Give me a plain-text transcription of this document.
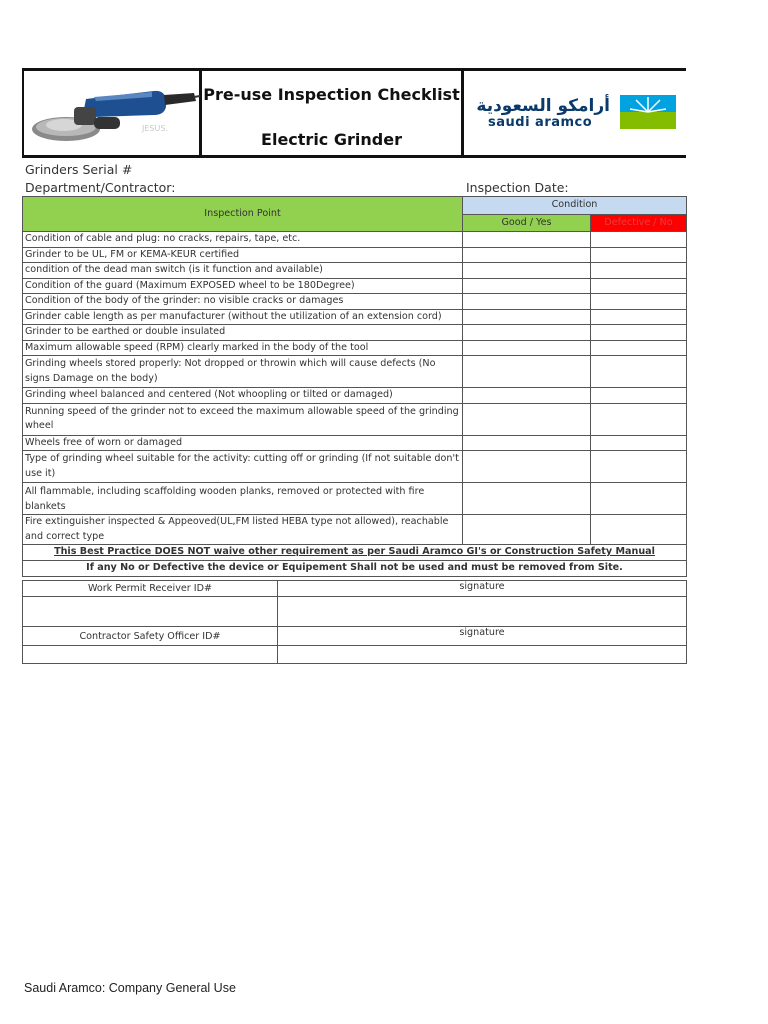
JESUS.
Pre-use Inspection Checklist
Electric Grinder
أرامكو السعودية
saudi aramco
Grinders Serial #
Department/Contractor:	Inspection Date:
Inspection Point	Condition	
	Good / Yes	Defective / No
Condition of cable and plug: no cracks, repairs, tape, etc.		
Grinder to be UL, FM or KEMA-KEUR certified		
condition of the dead man switch (is it function and available)		
Condition of the guard (Maximum EXPOSED wheel to be 180Degree)		
Condition of the body of the grinder: no visible cracks or damages		
Grinder cable length as per manufacturer (without the utilization of an extension cord)		
Grinder to be earthed or double insulated		
Maximum allowable speed (RPM) clearly marked in the body of the tool		
Grinding wheels stored properly: Not dropped or throwin which will cause defects (No signs Damage on the body)		
Grinding wheel balanced and centered (Not whoopling or tilted or damaged)		
Running speed of the grinder not to exceed the maximum allowable speed of the grinding wheel		
Wheels free of worn or damaged		
Type of grinding wheel suitable for the activity: cutting off or grinding (If not suitable don't use it)		
All flammable, including scaffolding wooden planks, removed or protected with fire blankets		
Fire extinguisher inspected & Appeoved(UL,FM listed HEBA type not allowed), reachable and correct type		
This Best Practice DOES NOT waive other requirement as per Saudi Aramco GI's or Construction Safety Manual		
If any No or Defective the device or Equipement Shall not be used and must be removed from Site.		
Work Permit Receiver ID#	signature

Contractor Safety Officer ID#	signature

Saudi Aramco: Company General Use
